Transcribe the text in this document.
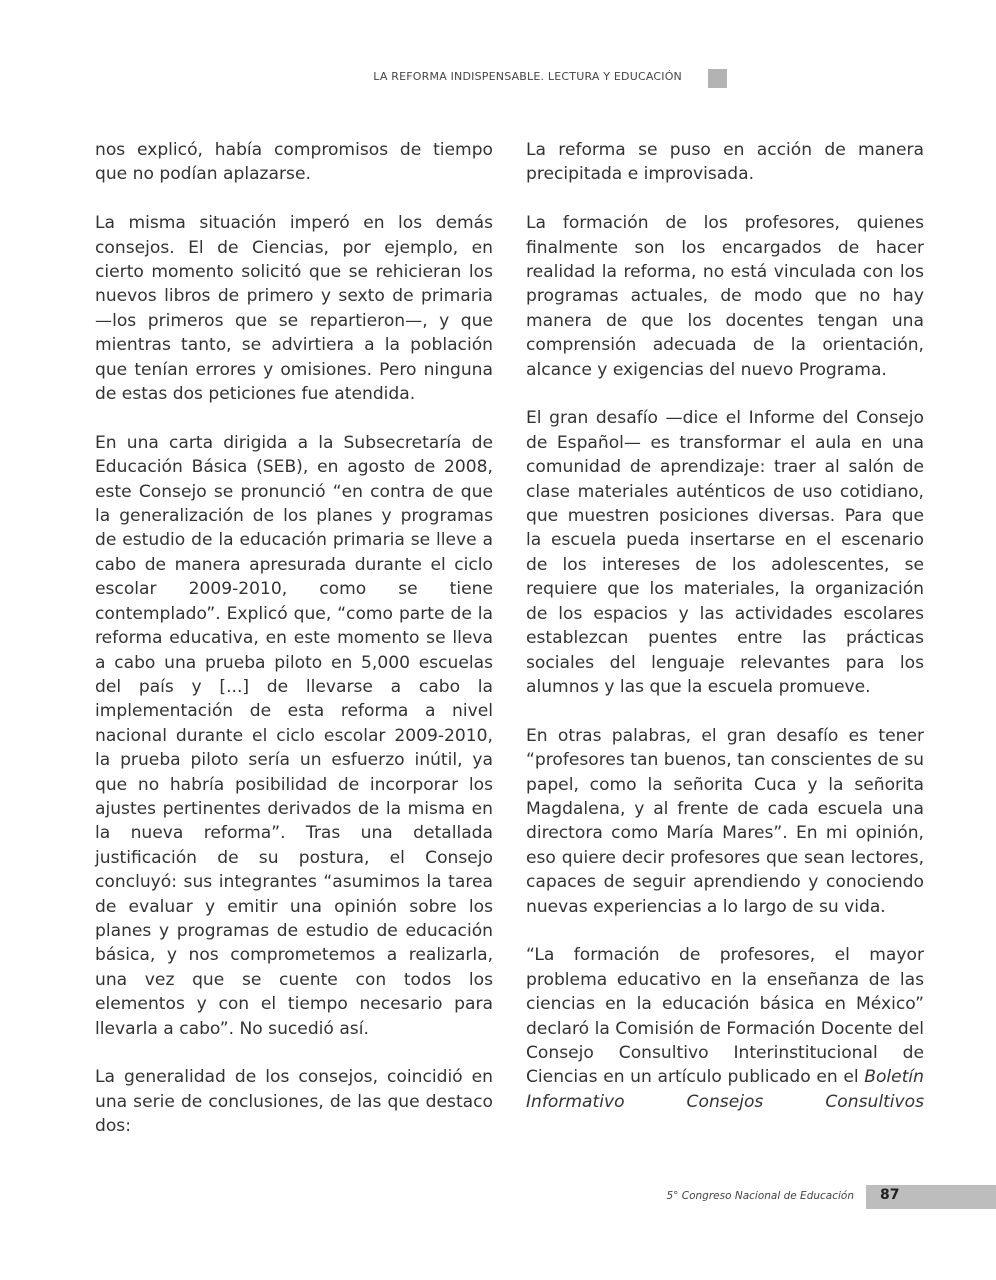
LA REFORMA INDISPENSABLE. LECTURA Y EDUCACIÓN

nos explicó, había compromisos de tiempo que no podían aplazarse.

La misma situación imperó en los demás consejos. El de Ciencias, por ejemplo, en cierto momento solicitó que se rehicieran los nuevos libros de primero y sexto de primaria —los primeros que se repartieron—, y que mientras tanto, se advirtiera a la población que tenían errores y omisiones. Pero ninguna de estas dos peticiones fue atendida.

En una carta dirigida a la Subsecretaría de Educación Básica (SEB), en agosto de 2008, este Consejo se pronunció “en contra de que la generalización de los planes y programas de estudio de la educación primaria se lleve a cabo de manera apresurada durante el ciclo escolar 2009-2010, como se tiene contemplado”. Explicó que, “como parte de la reforma educativa, en este momento se lleva a cabo una prueba piloto en 5,000 escuelas del país y [...] de llevarse a cabo la implementación de esta reforma a nivel nacional durante el ciclo escolar 2009-2010, la prueba piloto sería un esfuerzo inútil, ya que no habría posibilidad de incorporar los ajustes pertinentes derivados de la misma en la nueva reforma”. Tras una detallada justificación de su postura, el Consejo concluyó: sus integrantes “asumimos la tarea de evaluar y emitir una opinión sobre los planes y programas de estudio de educación básica, y nos comprometemos a realizarla, una vez que se cuente con todos los elementos y con el tiempo necesario para llevarla a cabo”. No sucedió así.

La generalidad de los consejos, coincidió en una serie de conclusiones, de las que destaco dos:

La reforma se puso en acción de manera precipitada e improvisada.

La formación de los profesores, quienes finalmente son los encargados de hacer realidad la reforma, no está vinculada con los programas actuales, de modo que no hay manera de que los docentes tengan una comprensión adecuada de la orientación, alcance y exigencias del nuevo Programa.

El gran desafío —dice el Informe del Consejo de Español— es transformar el aula en una comunidad de aprendizaje: traer al salón de clase materiales auténticos de uso cotidiano, que muestren posiciones diversas. Para que la escuela pueda insertarse en el escenario de los intereses de los adolescentes, se requiere que los materiales, la organización de los espacios y las actividades escolares establezcan puentes entre las prácticas sociales del lenguaje relevantes para los alumnos y las que la escuela promueve.

En otras palabras, el gran desafío es tener “profesores tan buenos, tan conscientes de su papel, como la señorita Cuca y la señorita Magdalena, y al frente de cada escuela una directora como María Mares”. En mi opinión, eso quiere decir profesores que sean lectores, capaces de seguir aprendiendo y conociendo nuevas experiencias a lo largo de su vida.

“La formación de profesores, el mayor problema educativo en la enseñanza de las ciencias en la educación básica en México” declaró la Comisión de Formación Docente del Consejo Consultivo Interinstitucional de Ciencias en un artículo publicado en el Boletín Informativo Consejos Consultivos

5° Congreso Nacional de Educación 87
